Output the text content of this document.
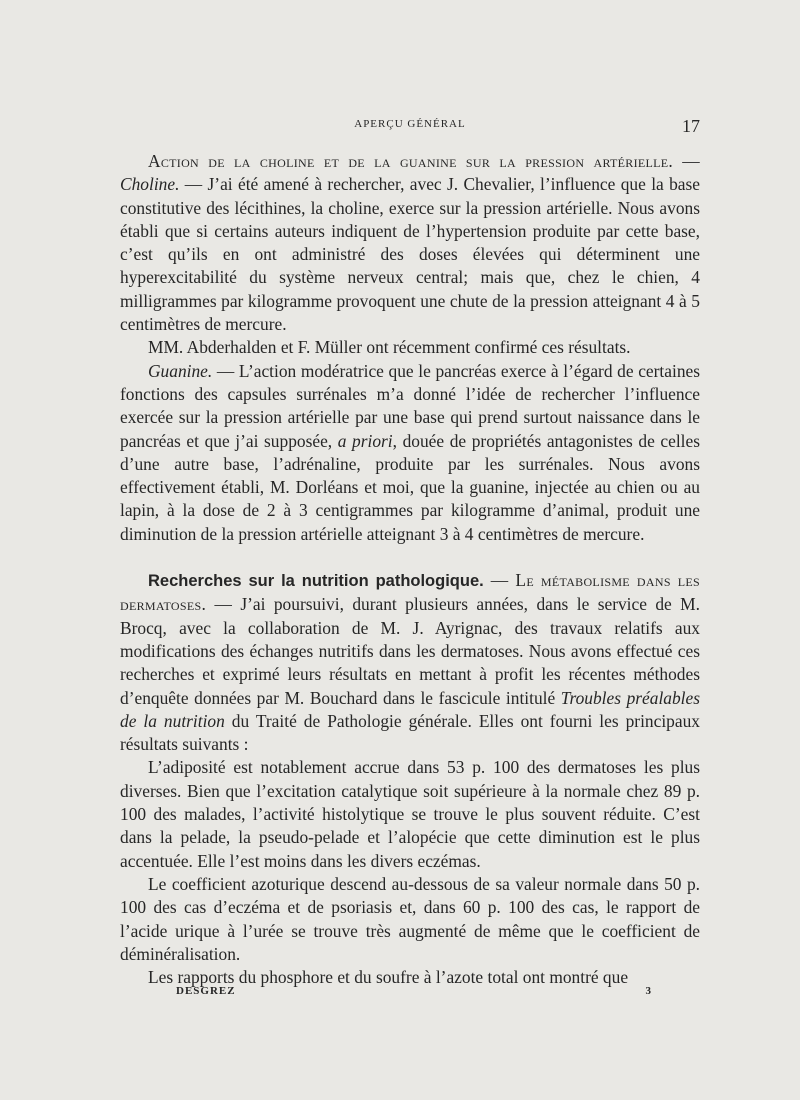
APERÇU GÉNÉRAL	17

Action de la choline et de la guanine sur la pression artérielle. — Choline. — J’ai été amené à rechercher, avec J. Chevalier, l’influence que la base constitutive des lécithines, la choline, exerce sur la pression artérielle. Nous avons établi que si certains auteurs indiquent de l’hypertension produite par cette base, c’est qu’ils en ont administré des doses élevées qui déterminent une hyperexcitabilité du système nerveux central; mais que, chez le chien, 4 milligrammes par kilogramme provoquent une chute de la pression atteignant 4 à 5 centimètres de mercure.

MM. Abderhalden et F. Müller ont récemment confirmé ces résultats.

Guanine. — L’action modératrice que le pancréas exerce à l’égard de certaines fonctions des capsules surrénales m’a donné l’idée de rechercher l’influence exercée sur la pression artérielle par une base qui prend surtout naissance dans le pancréas et que j’ai supposée, a priori, douée de propriétés antagonistes de celles d’une autre base, l’adrénaline, produite par les surrénales. Nous avons effectivement établi, M. Dorléans et moi, que la guanine, injectée au chien ou au lapin, à la dose de 2 à 3 centigrammes par kilogramme d’animal, produit une diminution de la pression artérielle atteignant 3 à 4 centimètres de mercure.

Recherches sur la nutrition pathologique. — Le métabolisme dans les dermatoses. — J’ai poursuivi, durant plusieurs années, dans le service de M. Brocq, avec la collaboration de M. J. Ayrignac, des travaux relatifs aux modifications des échanges nutritifs dans les dermatoses. Nous avons effectué ces recherches et exprimé leurs résultats en mettant à profit les récentes méthodes d’enquête données par M. Bouchard dans le fascicule intitulé Troubles préalables de la nutrition du Traité de Pathologie générale. Elles ont fourni les principaux résultats suivants :

L’adiposité est notablement accrue dans 53 p. 100 des dermatoses les plus diverses. Bien que l’excitation catalytique soit supérieure à la normale chez 89 p. 100 des malades, l’activité histolytique se trouve le plus souvent réduite. C’est dans la pelade, la pseudo-pelade et l’alopécie que cette diminution est le plus accentuée. Elle l’est moins dans les divers eczémas.

Le coefficient azoturique descend au-dessous de sa valeur normale dans 50 p. 100 des cas d’eczéma et de psoriasis et, dans 60 p. 100 des cas, le rapport de l’acide urique à l’urée se trouve très augmenté de même que le coefficient de déminéralisation.

Les rapports du phosphore et du soufre à l’azote total ont montré que

DESGREZ	3
